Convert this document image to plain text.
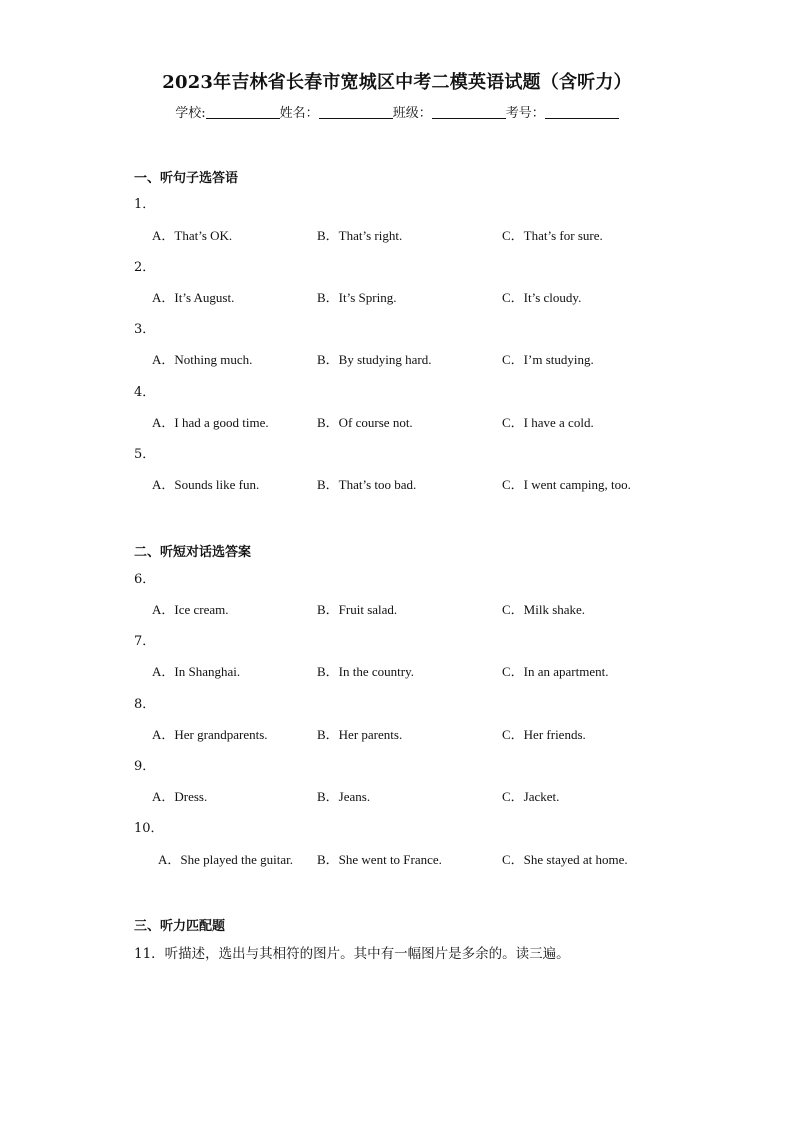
2023年吉林省长春市宽城区中考二模英语试题（含听力）
学校:	姓名：	班级：	考号：
一、听句子选答语
1．
A．That’s OK.	B．That’s right.	C．That’s for sure.
2．
A．It’s August.	B．It’s Spring.	C．It’s cloudy.
3．
A．Nothing much.	B．By studying hard.	C．I’m studying.
4．
A．I had a good time.	B．Of course not.	C．I have a cold.
5．
A．Sounds like fun.	B．That’s too bad.	C．I went camping, too.
二、听短对话选答案
6．
A．Ice cream.	B．Fruit salad.	C．Milk shake.
7．
A．In Shanghai.	B．In the country.	C．In an apartment.
8．
A．Her grandparents.	B．Her parents.	C．Her friends.
9．
A．Dress.	B．Jeans.	C．Jacket.
10．
A．She played the guitar. B．She went to France.	C．She stayed at home.
三、听力匹配题
11．听描述，选出与其相符的图片。其中有一幅图片是多余的。读三遍。
